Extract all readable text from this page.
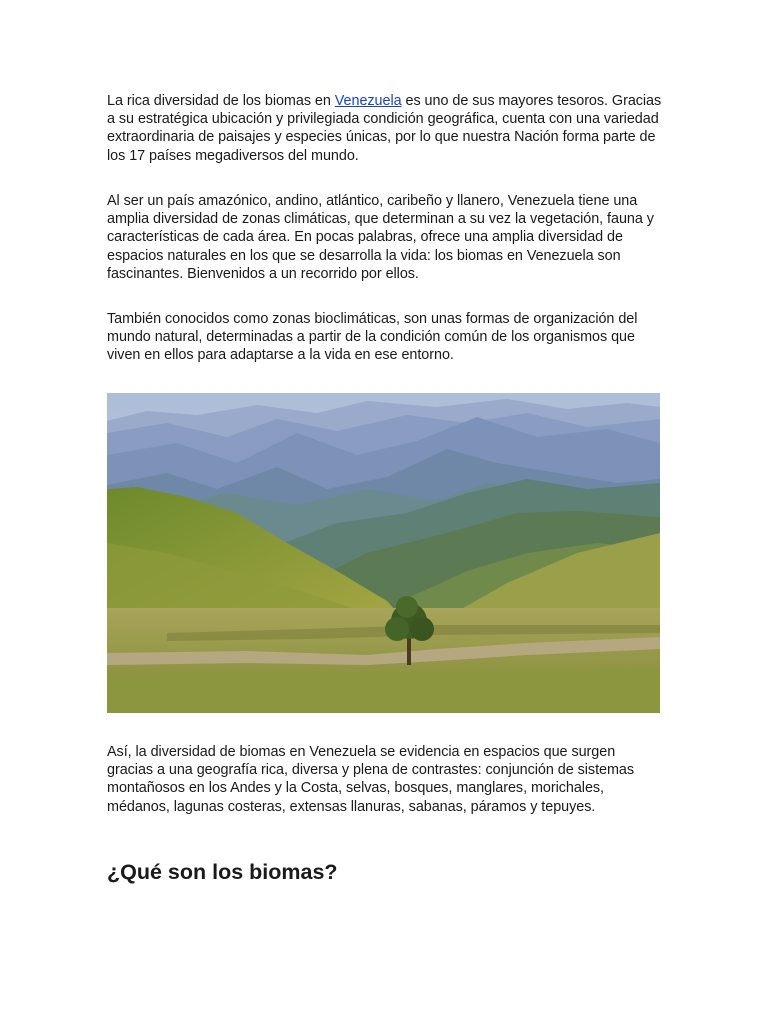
La rica diversidad de los biomas en Venezuela es uno de sus mayores tesoros. Gracias a su estratégica ubicación y privilegiada condición geográfica, cuenta con una variedad extraordinaria de paisajes y especies únicas, por lo que nuestra Nación forma parte de los 17 países megadiversos del mundo.

Al ser un país amazónico, andino, atlántico, caribeño y llanero, Venezuela tiene una amplia diversidad de zonas climáticas, que determinan a su vez la vegetación, fauna y características de cada área. En pocas palabras, ofrece una amplia diversidad de espacios naturales en los que se desarrolla la vida: los biomas en Venezuela son fascinantes. Bienvenidos a un recorrido por ellos.

También conocidos como zonas bioclimáticas, son unas formas de organización del mundo natural, determinadas a partir de la condición común de los organismos que viven en ellos para adaptarse a la vida en ese entorno.

Así, la diversidad de biomas en Venezuela se evidencia en espacios que surgen gracias a una geografía rica, diversa y plena de contrastes: conjunción de sistemas montañosos en los Andes y la Costa, selvas, bosques, manglares, morichales, médanos, lagunas costeras, extensas llanuras, sabanas, páramos y tepuyes.

¿Qué son los biomas?
